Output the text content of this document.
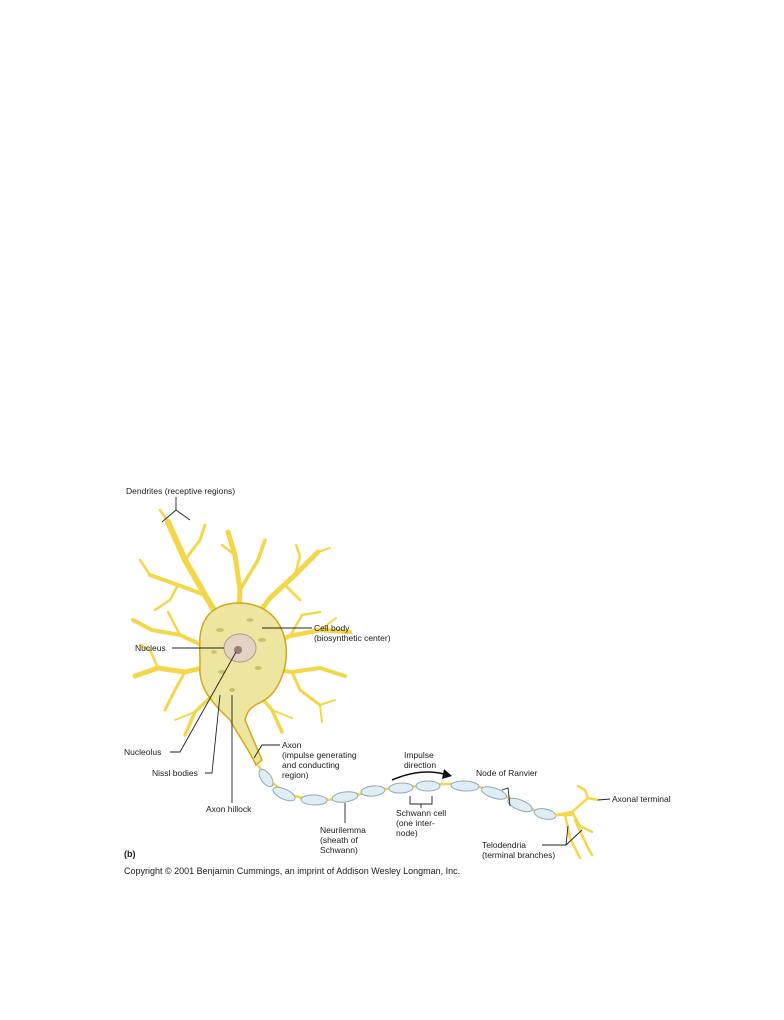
Dendrites (receptive regions)
Cell body
(biosynthetic center)
Nucleus
Nucleolus
Nissl bodies
Axon hillock
Axon
(impulse generating
and conducting
region)
Impulse
direction
Node of Ranvier
Axonal terminal
Schwann cell
(one inter-
node)
Neurilemma
(sheath of
Schwann)	Telodendria
(terminal branches)
(b)
Copyright © 2001 Benjamin Cummings, an imprint of Addison Wesley Longman, Inc.
